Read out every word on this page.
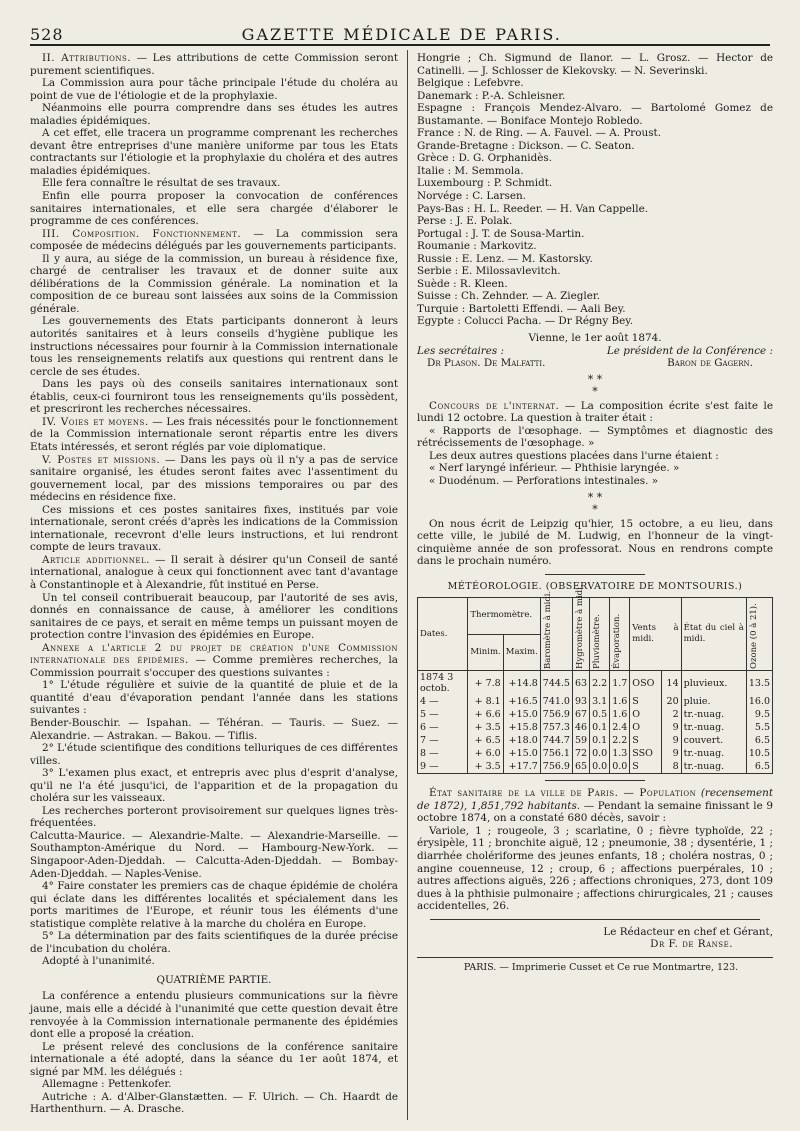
528	GAZETTE MÉDICALE DE PARIS.

II. Attributions. — Les attributions de cette Commission seront purement scientifiques.

La Commission aura pour tâche principale l'étude du choléra au point de vue de l'étiologie et de la prophylaxie.

Néanmoins elle pourra comprendre dans ses études les autres maladies épidémiques.

A cet effet, elle tracera un programme comprenant les recherches devant être entreprises d'une manière uniforme par tous les Etats contractants sur l'étiologie et la prophylaxie du choléra et des autres maladies épidémiques.

Elle fera connaître le résultat de ses travaux.

Enfin elle pourra proposer la convocation de conférences sanitaires internationales, et elle sera chargée d'élaborer le programme de ces conférences.

III. Composition. Fonctionnement. — La commission sera composée de médecins délégués par les gouvernements participants.

Il y aura, au siége de la commission, un bureau à résidence fixe, chargé de centraliser les travaux et de donner suite aux délibérations de la Commission générale. La nomination et la composition de ce bureau sont laissées aux soins de la Commission générale.

Les gouvernements des Etats participants donneront à leurs autorités sanitaires et à leurs conseils d'hygiène publique les instructions nécessaires pour fournir à la Commission internationale tous les renseignements relatifs aux questions qui rentrent dans le cercle de ses études.

Dans les pays où des conseils sanitaires internationaux sont établis, ceux-ci fourniront tous les renseignements qu'ils possèdent, et prescriront les recherches nécessaires.

IV. Voies et moyens. — Les frais nécessités pour le fonctionnement de la Commission internationale seront répartis entre les divers Etats intéressés, et seront réglés par voie diplomatique.

V. Postes et missions. — Dans les pays où il n'y a pas de service sanitaire organisé, les études seront faites avec l'assentiment du gouvernement local, par des missions temporaires ou par des médecins en résidence fixe.

Ces missions et ces postes sanitaires fixes, institués par voie internationale, seront créés d'après les indications de la Commission internationale, recevront d'elle leurs instructions, et lui rendront compte de leurs travaux.

Article additionnel. — Il serait à désirer qu'un Conseil de santé international, analogue à ceux qui fonctionnent avec tant d'avantage à Constantinople et à Alexandrie, fût institué en Perse.

Un tel conseil contribuerait beaucoup, par l'autorité de ses avis, donnés en connaissance de cause, à améliorer les conditions sanitaires de ce pays, et serait en même temps un puissant moyen de protection contre l'invasion des épidémies en Europe.

Annexe a l'article 2 du projet de création d'une Commission internationale des épidémies. — Comme premières recherches, la Commission pourrait s'occuper des questions suivantes :

1° L'étude régulière et suivie de la quantité de pluie et de la quantité d'eau d'évaporation pendant l'année dans les stations suivantes :

Bender-Bouschir. — Ispahan. — Téhéran. — Tauris. — Suez. — Alexandrie. — Astrakan. — Bakou. — Tiflis.

2° L'étude scientifique des conditions telluriques de ces différentes villes.

3° L'examen plus exact, et entrepris avec plus d'esprit d'analyse, qu'il ne l'a été jusqu'ici, de l'apparition et de la propagation du choléra sur les vaisseaux.

Les recherches porteront provisoirement sur quelques lignes très-fréquentées.

Calcutta-Maurice. — Alexandrie-Malte. — Alexandrie-Marseille. — Southampton-Amérique du Nord. — Hambourg-New-York. — Singapoor-Aden-Djeddah. — Calcutta-Aden-Djeddah. — Bombay-Aden-Djeddah. — Naples-Venise.

4° Faire constater les premiers cas de chaque épidémie de choléra qui éclate dans les différentes localités et spécialement dans les ports maritimes de l'Europe, et réunir tous les éléments d'une statistique complète relative à la marche du choléra en Europe.

5° La détermination par des faits scientifiques de la durée précise de l'incubation du choléra.

Adopté à l'unanimité.

QUATRIÈME PARTIE.

La conférence a entendu plusieurs communications sur la fièvre jaune, mais elle a décidé à l'unanimité que cette question devait être renvoyée à la Commission internationale permanente des épidémies dont elle a proposé la création.

Le présent relevé des conclusions de la conférence sanitaire internationale a été adopté, dans la séance du 1er août 1874, et signé par MM. les délégués :

Allemagne : Pettenkofer.

Autriche : A. d'Alber-Glanstætten. — F. Ulrich. — Ch. Haardt de Harthenthurn. — A. Drasche.

Hongrie ; Ch. Sigmund de Ilanor. — L. Grosz. — Hector de Catinelli. — J. Schlosser de Klekovsky. — N. Severinski.

Belgique : Lefebvre.

Danemark : P.-A. Schleisner.

Espagne : François Mendez-Alvaro. — Bartolomé Gomez de Bustamante. — Boniface Montejo Robledo.

France : N. de Ring. — A. Fauvel. — A. Proust.

Grande-Bretagne : Dickson. — C. Seaton.

Grèce : D. G. Orphanidès.

Italie : M. Semmola.

Luxembourg : P. Schmidt.

Norvége : C. Larsen.

Pays-Bas : H. L. Reeder. — H. Van Cappelle.

Perse : J. E. Polak.

Portugal : J. T. de Sousa-Martin.

Roumanie : Markovitz.

Russie : E. Lenz. — M. Kastorsky.

Serbie : E. Milossavlevitch.

Suède : R. Kleen.

Suisse : Ch. Zehnder. — A. Ziegler.

Turquie : Bartoletti Effendi. — Aali Bey.

Egypte : Colucci Pacha. — Dr Régny Bey.

Vienne, le 1er août 1874.

Les secrétaires :	Le président de la Conférence :
Dr Plason. De Malfatti.	Baron de Gagern.
* *
*

Concours de l'internat. — La composition écrite s'est faite le lundi 12 octobre. La question à traiter était :

« Rapports de l'œsophage. — Symptômes et diagnostic des rétrécissements de l'œsophage. »

Les deux autres questions placées dans l'urne étaient :

« Nerf laryngé inférieur. — Phthisie laryngée. »

« Duodénum. — Perforations intestinales. »

* *
*

On nous écrit de Leipzig qu'hier, 15 octobre, a eu lieu, dans cette ville, le jubilé de M. Ludwig, en l'honneur de la vingt-cinquième année de son professorat. Nous en rendrons compte dans le prochain numéro.

MÉTÉOROLOGIE. (OBSERVATOIRE DE MONTSOURIS.)

Dates.	Thermomètre.		Baromètre à midi.	Hygromètre à midi.	Pluviomètre.	Évaporation.	Vents à midi.		État du ciel à midi.	Ozone (0 à 21).

	Minim.	Maxim.								
1874 3 octob.	+ 7.8	+14.8	744.5	63	2.2	1.7	OSO	14	pluvieux.	13.5
4 —	+ 8.1	+16.5	741.0	93	3.1	1.6	S	20	pluie.	16.0
5 —	+ 6.6	+15.0	756.9	67	0.5	1.6	O	2	tr.-nuag.	9.5
6 —	+ 3.5	+15.8	757.3	46	0.1	2.4	O	9	tr.-nuag.	5.5
7 —	+ 6.5	+18.0	744.7	59	0.1	2.2	S	9	couvert.	6.5
8 —	+ 6.0	+15.0	756.1	72	0.0	1.3	SSO	9	tr.-nuag.	10.5
9 —	+ 3.5	+17.7	756.9	65	0.0	0.0	S	8	tr.-nuag.	6.5

État sanitaire de la ville de Paris. — Population (recensement de 1872), 1,851,792 habitants. — Pendant la semaine finissant le 9 octobre 1874, on a constaté 680 décès, savoir :

Variole, 1 ; rougeole, 3 ; scarlatine, 0 ; fièvre typhoïde, 22 ; érysipèle, 11 ; bronchite aiguë, 12 ; pneumonie, 38 ; dysentérie, 1 ; diarrhée cholériforme des jeunes enfants, 18 ; choléra nostras, 0 ; angine couenneuse, 12 ; croup, 6 ; affections puerpérales, 10 ; autres affections aiguës, 226 ; affections chroniques, 273, dont 109 dues à la phthisie pulmonaire ; affections chirurgicales, 21 ; causes accidentelles, 26.

Le Rédacteur en chef et Gérant,

Dr F. de Ranse.

PARIS. — Imprimerie Cusset et Ce rue Montmartre, 123.
